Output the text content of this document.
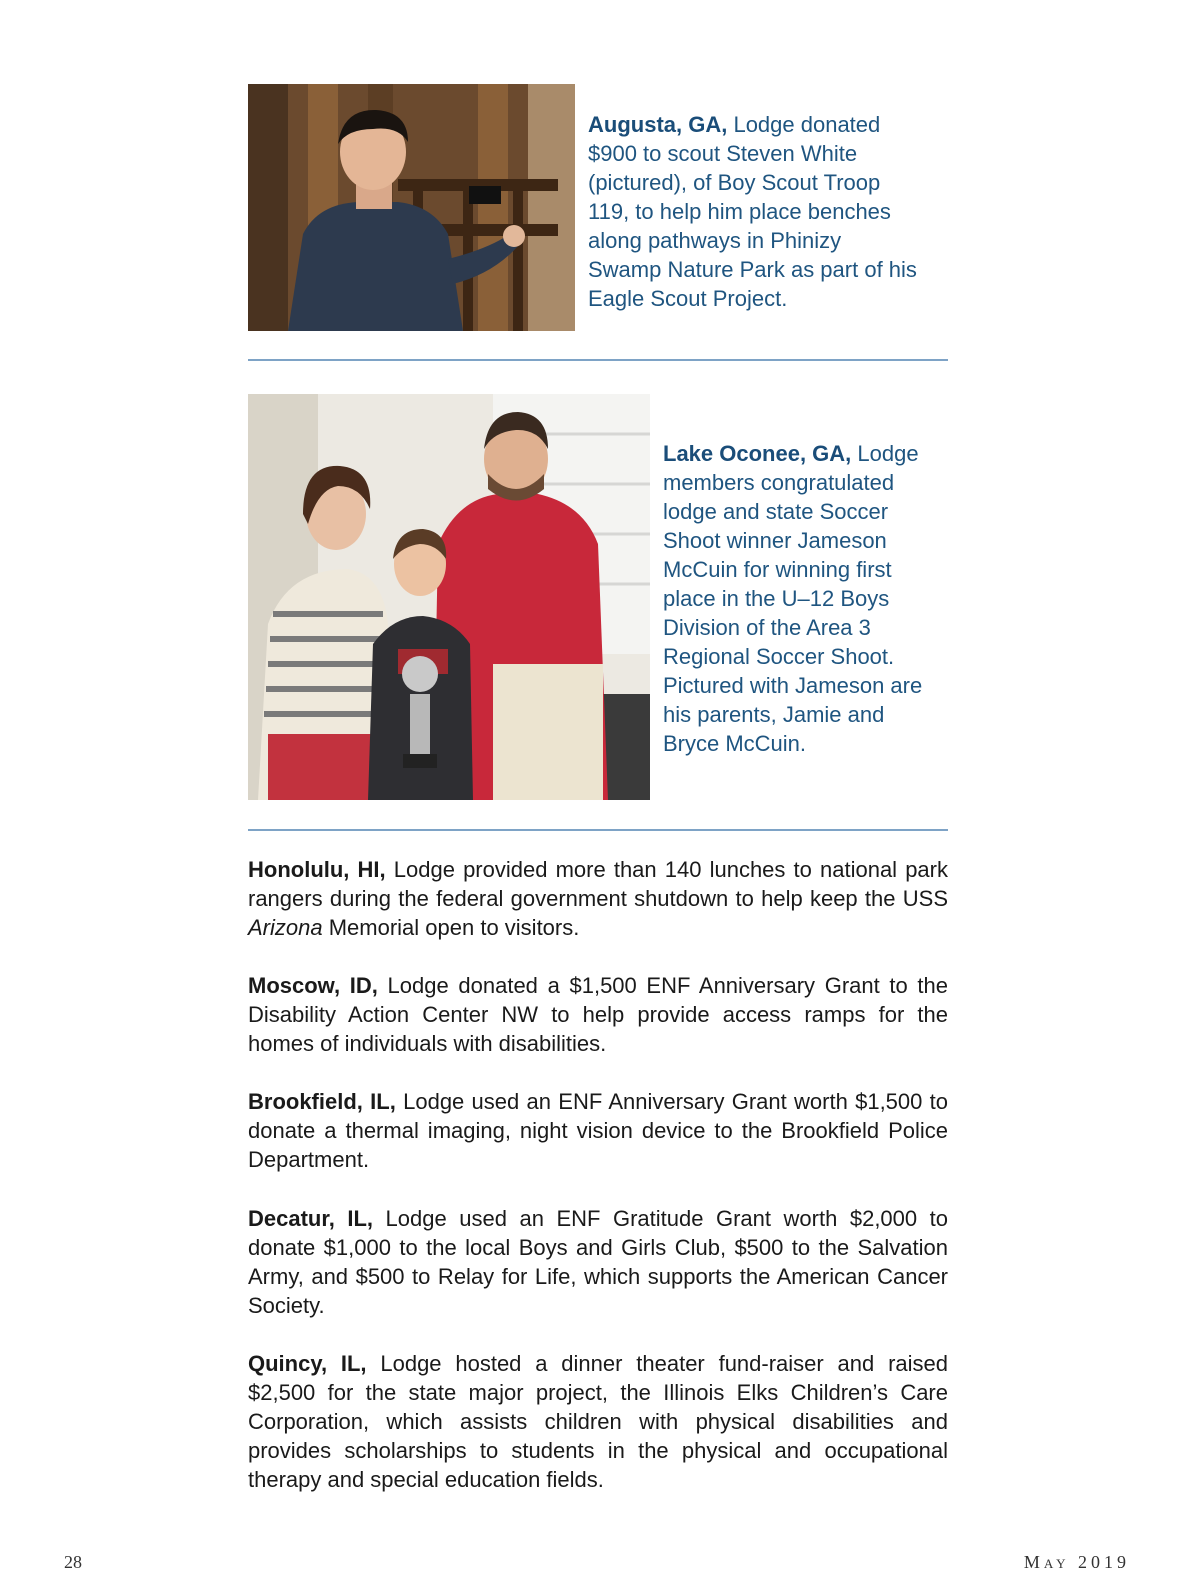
Augusta, GA, Lodge donated $900 to scout Steven White (pictured), of Boy Scout Troop 119, to help him place benches along pathways in Phinizy Swamp Nature Park as part of his Eagle Scout Project.
Lake Oconee, GA, Lodge members congratulated lodge and state Soccer Shoot winner Jameson McCuin for winning first place in the U–12 Boys Division of the Area 3 Regional Soccer Shoot. Pictured with Jameson are his parents, Jamie and Bryce McCuin.
Honolulu, HI, Lodge provided more than 140 lunches to national park rangers during the federal government shutdown to help keep the USS Arizona Memorial open to visitors.
Moscow, ID, Lodge donated a $1,500 ENF Anniversary Grant to the Disability Action Center NW to help provide access ramps for the homes of individuals with disabilities.
Brookfield, IL, Lodge used an ENF Anniversary Grant worth $1,500 to donate a thermal imaging, night vision device to the Brookfield Police Department.
Decatur, IL, Lodge used an ENF Gratitude Grant worth $2,000 to donate $1,000 to the local Boys and Girls Club, $500 to the Salvation Army, and $500 to Relay for Life, which supports the American Cancer Society.
Quincy, IL, Lodge hosted a dinner theater fund-raiser and raised $2,500 for the state major project, the Illinois Elks Children’s Care Corporation, which assists children with physical disabilities and provides scholarships to students in the physical and occupational therapy and special education fields.
28	May 2019
